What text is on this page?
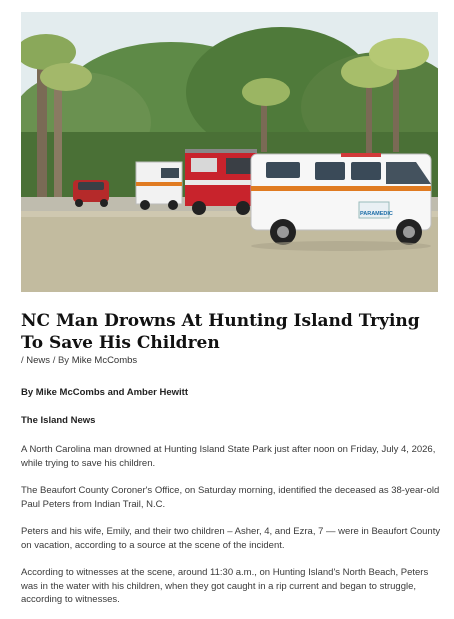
PARAMEDIC
NC Man Drowns At Hunting Island Trying To Save His Children
/ News / By Mike McCombs
By Mike McCombs and Amber Hewitt
The Island News

A North Carolina man drowned at Hunting Island State Park just after noon on Friday, July 4, 2026, while trying to save his children.

The Beaufort County Coroner's Office, on Saturday morning, identified the deceased as 38-year-old Paul Peters from Indian Trail, N.C.

Peters and his wife, Emily, and their two children – Asher, 4, and Ezra, 7 — were in Beaufort County on vacation, according to a source at the scene of the incident.

According to witnesses at the scene, around 11:30 a.m., on Hunting Island's North Beach, Peters was in the water with his children, when they got caught in a rip current and began to struggle, according to witnesses.
